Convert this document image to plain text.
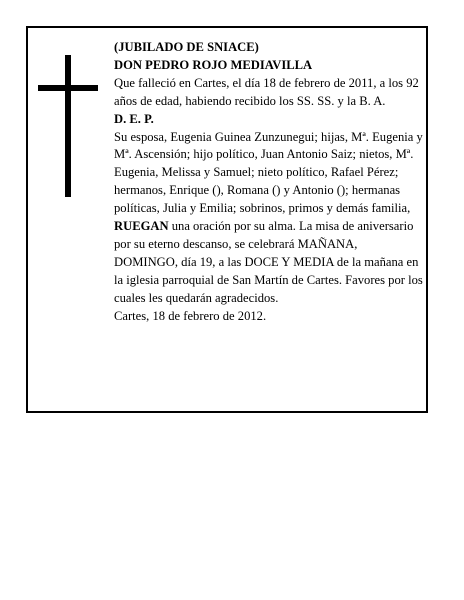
(JUBILADO DE SNIACE)

DON PEDRO ROJO MEDIAVILLA

Que falleció en Cartes, el día 18 de febrero de 2011, a los 92 años de edad, habiendo recibido los SS. SS. y la B. A.

D. E. P.

Su esposa, Eugenia Guinea Zunzunegui; hijas, Mª. Eugenia y Mª. Ascensión; hijo político, Juan Antonio Saiz; nietos, Mª. Eugenia, Melissa y Samuel; nieto político, Rafael Pérez; hermanos, Enrique (), Romana () y Antonio (); hermanas políticas, Julia y Emilia; sobrinos, primos y demás familia,

RUEGAN una oración por su alma. La misa de aniversario por su eterno descanso, se celebrará MAÑANA, DOMINGO, día 19, a las DOCE Y MEDIA de la mañana en la iglesia parroquial de San Martín de Cartes. Favores por los cuales les quedarán agradecidos.

Cartes, 18 de febrero de 2012.
